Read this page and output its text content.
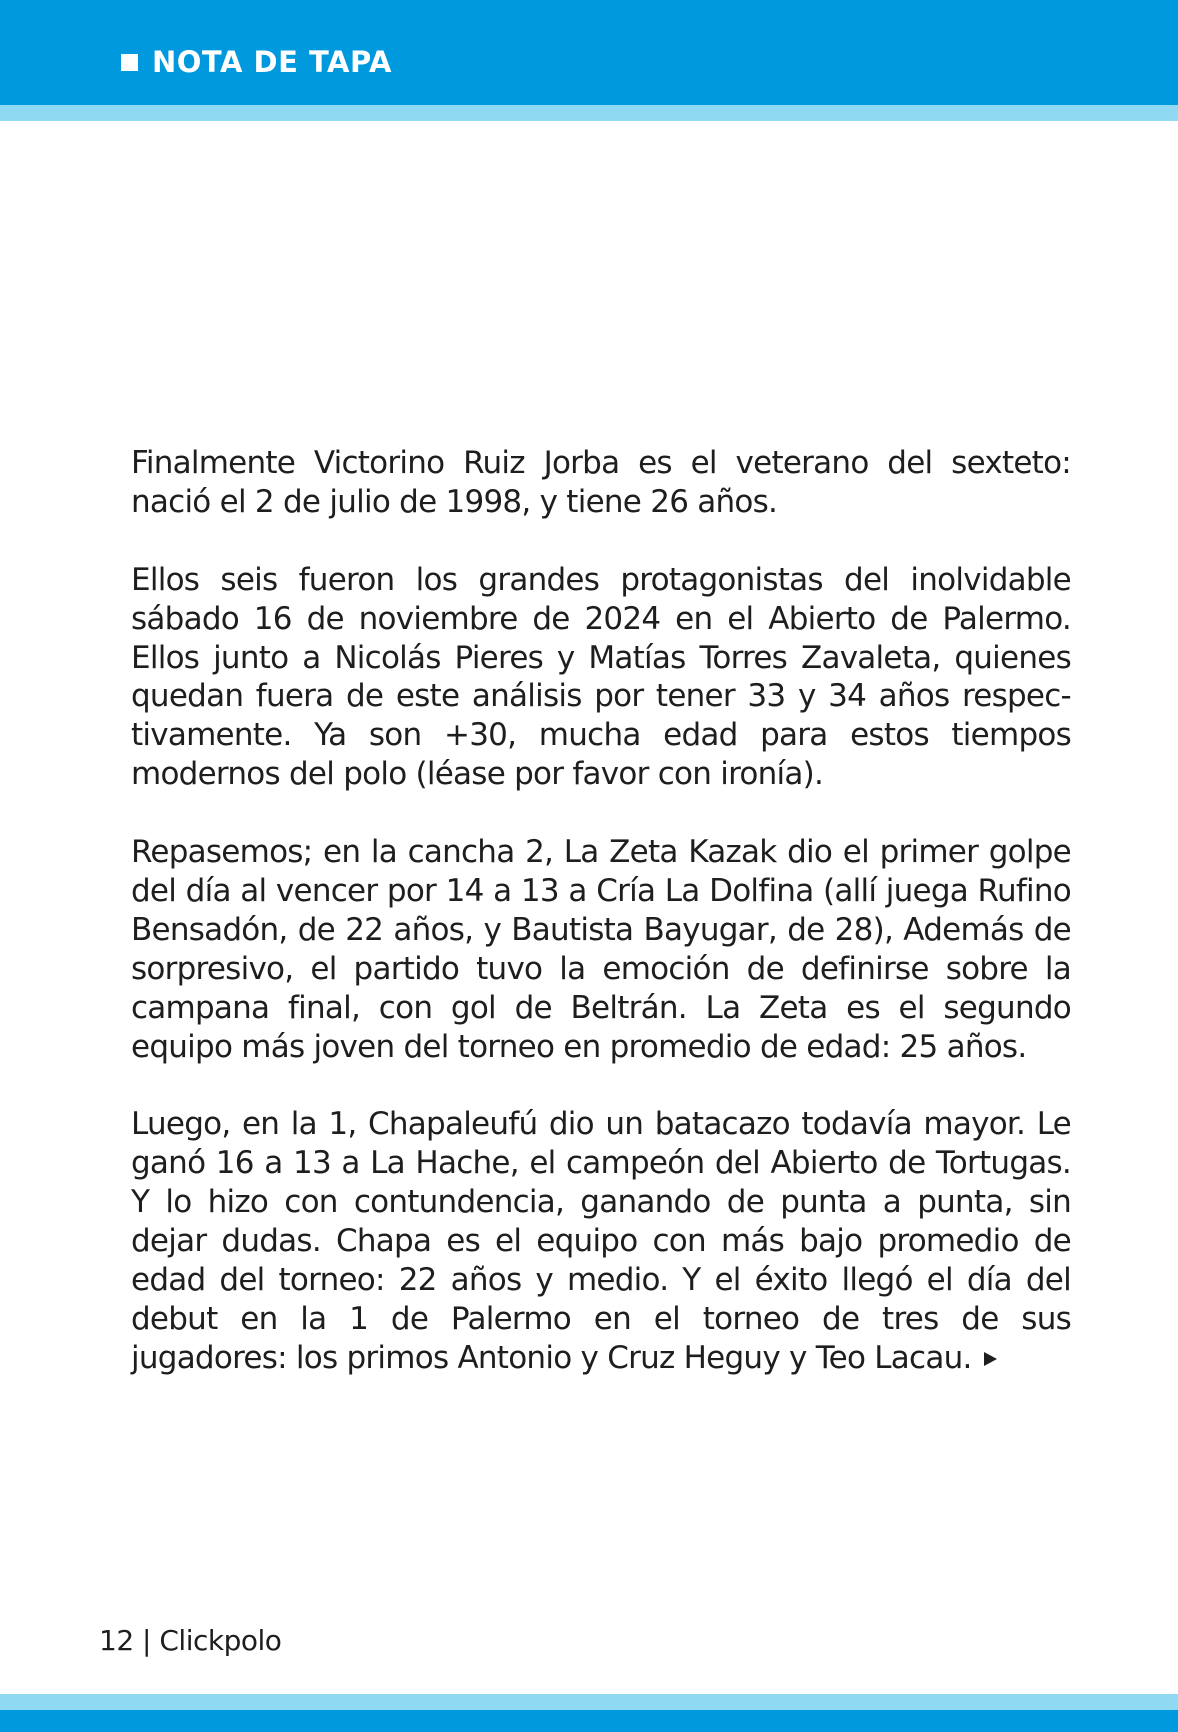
NOTA DE TAPA

Finalmente Victorino Ruiz Jorba es el veterano del sexteto: nació el 2 de julio de 1998, y tiene 26 años.

Ellos seis fueron los grandes protagonistas del inolvidable sábado 16 de noviembre de 2024 en el Abierto de Palermo. Ellos junto a Nicolás Pieres y Matías Torres Zavaleta, quienes quedan fuera de este análisis por tener 33 y 34 años respec-tivamente. Ya son +30, mucha edad para estos tiempos modernos del polo (léase por favor con ironía).

Repasemos; en la cancha 2, La Zeta Kazak dio el primer golpe del día al vencer por 14 a 13 a Cría La Dolfina (allí juega Rufino Bensadón, de 22 años, y Bautista Bayugar, de 28), Además de sorpresivo, el partido tuvo la emoción de definirse sobre la campana final, con gol de Beltrán. La Zeta es el segundo equipo más joven del torneo en promedio de edad: 25 años.

Luego, en la 1, Chapaleufú dio un batacazo todavía mayor. Le ganó 16 a 13 a La Hache, el campeón del Abierto de Tortugas. Y lo hizo con contundencia, ganando de punta a punta, sin dejar dudas. Chapa es el equipo con más bajo promedio de edad del torneo: 22 años y medio. Y el éxito llegó el día del debut en la 1 de Palermo en el torneo de tres de sus jugadores: los primos Antonio y Cruz Heguy y Teo Lacau.

12 | Clickpolo
